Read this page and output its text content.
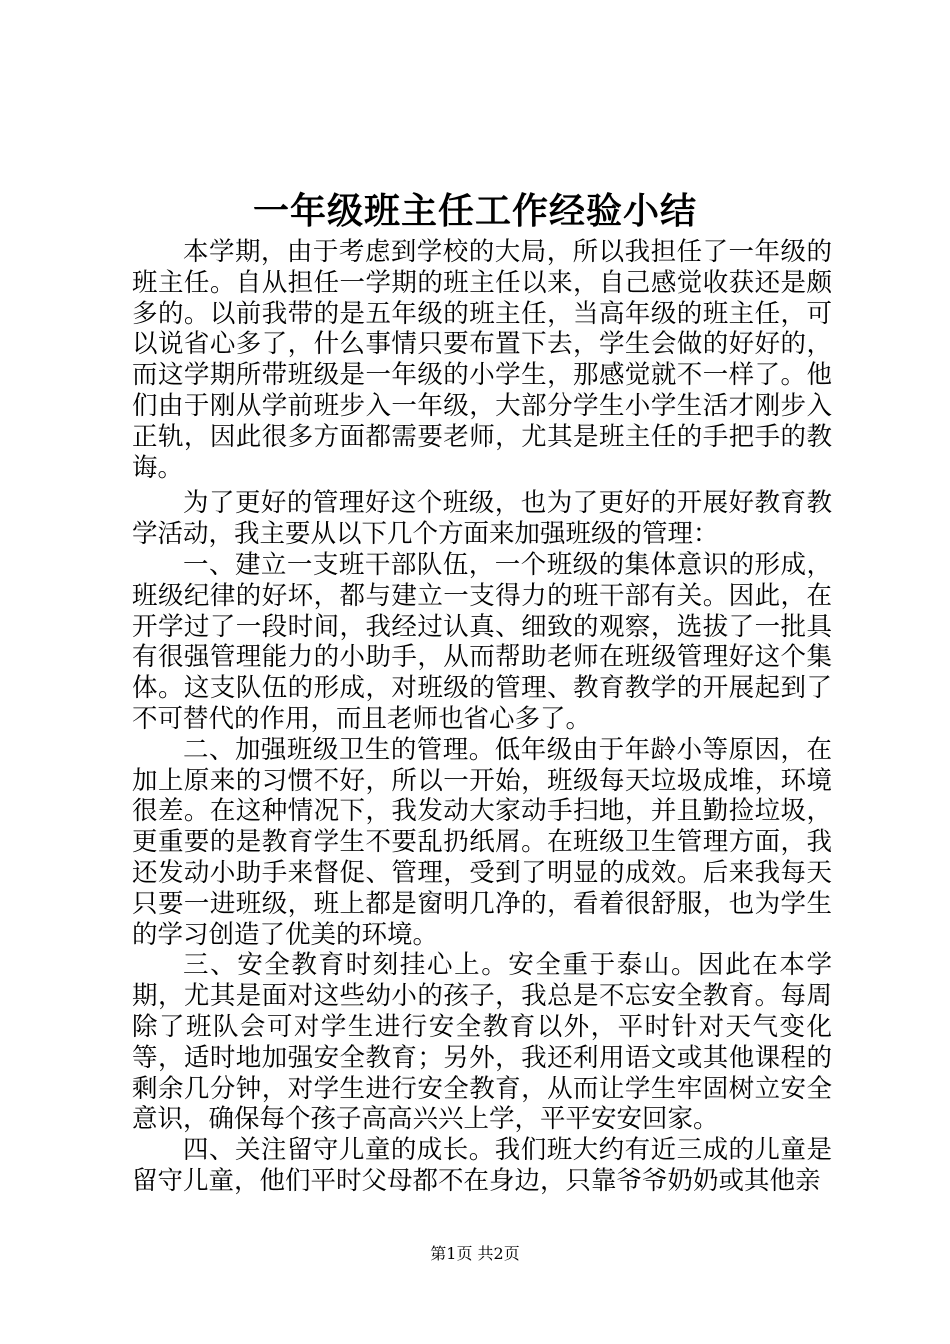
一年级班主任工作经验小结

本学期，由于考虑到学校的大局，所以我担任了一年级的班主任。自从担任一学期的班主任以来，自己感觉收获还是颇多的。以前我带的是五年级的班主任，当高年级的班主任，可以说省心多了，什么事情只要布置下去，学生会做的好好的，而这学期所带班级是一年级的小学生，那感觉就不一样了。他们由于刚从学前班步入一年级，大部分学生小学生活才刚步入正轨，因此很多方面都需要老师，尤其是班主任的手把手的教诲。

为了更好的管理好这个班级，也为了更好的开展好教育教学活动，我主要从以下几个方面来加强班级的管理：

一、建立一支班干部队伍，一个班级的集体意识的形成，班级纪律的好坏，都与建立一支得力的班干部有关。因此，在开学过了一段时间，我经过认真、细致的观察，选拔了一批具有很强管理能力的小助手，从而帮助老师在班级管理好这个集体。这支队伍的形成，对班级的管理、教育教学的开展起到了不可替代的作用，而且老师也省心多了。

二、加强班级卫生的管理。低年级由于年龄小等原因，在加上原来的习惯不好，所以一开始，班级每天垃圾成堆，环境很差。在这种情况下，我发动大家动手扫地，并且勤捡垃圾，更重要的是教育学生不要乱扔纸屑。在班级卫生管理方面，我还发动小助手来督促、管理，受到了明显的成效。后来我每天只要一进班级，班上都是窗明几净的，看着很舒服，也为学生的学习创造了优美的环境。

三、安全教育时刻挂心上。安全重于泰山。因此在本学期，尤其是面对这些幼小的孩子，我总是不忘安全教育。每周除了班队会可对学生进行安全教育以外，平时针对天气变化等，适时地加强安全教育；另外，我还利用语文或其他课程的剩余几分钟，对学生进行安全教育，从而让学生牢固树立安全意识，确保每个孩子高高兴兴上学，平平安安回家。

四、关注留守儿童的成长。我们班大约有近三成的儿童是留守儿童，他们平时父母都不在身边，只靠爷爷奶奶或其他亲

第1页 共2页
